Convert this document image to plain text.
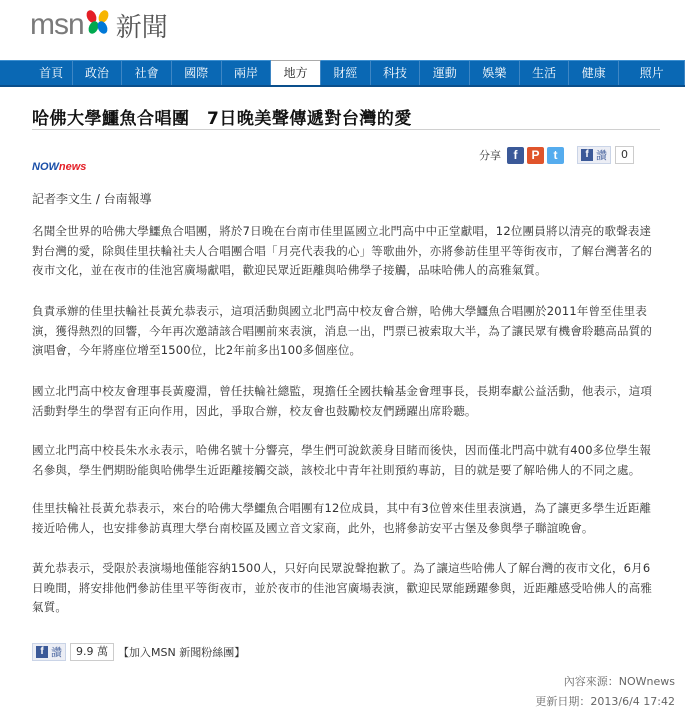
msn 新聞
首頁	政治	社會	國際	兩岸	地方	財經	科技	運動	娛樂	生活	健康	照片
哈佛大學鱷魚合唱團　7日晚美聲傳遞對台灣的愛
NOWnews
分享	f	P	t	f 讚	0
記者李文生 / 台南報導

名聞全世界的哈佛大學鱷魚合唱團，將於7日晚在台南市佳里區國立北門高中中正堂獻唱，12位團員將以清亮的歌聲表達對台灣的愛，除與佳里扶輪社夫人合唱團合唱「月亮代表我的心」等歌曲外，亦將參訪佳里平等街夜市，了解台灣著名的夜市文化，並在夜市的佳池宮廣場獻唱，歡迎民眾近距離與哈佛學子接觸，品味哈佛人的高雅氣質。

負責承辦的佳里扶輪社長黃允恭表示，這項活動與國立北門高中校友會合辦，哈佛大學鱷魚合唱團於2011年曾至佳里表演，獲得熱烈的回響，今年再次邀請該合唱團前來表演，消息一出，門票已被索取大半，為了讓民眾有機會聆聽高品質的演唱會，今年將座位增至1500位，比2年前多出100多個座位。

國立北門高中校友會理事長黃慶淵，曾任扶輪社總監，現擔任全國扶輪基金會理事長，長期奉獻公益活動，他表示，這項活動對學生的學習有正向作用，因此，爭取合辦，校友會也鼓勵校友們踴躍出席聆聽。

國立北門高中校長朱水永表示，哈佛名號十分響亮，學生們可說欽羨身目睹而後快，因而僅北門高中就有400多位學生報名參與，學生們期盼能與哈佛學生近距離接觸交談，該校北中青年社則預約專訪，目的就是要了解哈佛人的不同之處。

佳里扶輪社長黃允恭表示，來台的哈佛大學鱷魚合唱團有12位成員，其中有3位曾來佳里表演過，為了讓更多學生近距離接近哈佛人，也安排參訪真理大學台南校區及國立音文家商，此外，也將參訪安平古堡及參與學子聯誼晚會。

黃允恭表示，受限於表演場地僅能容納1500人，只好向民眾說聲抱歉了。為了讓這些哈佛人了解台灣的夜市文化，6月6日晚間，將安排他們參訪佳里平等街夜市，並於夜市的佳池宮廣場表演，歡迎民眾能踴躍參與，近距離感受哈佛人的高雅氣質。

f 讚	9.9 萬 【加入MSN 新聞粉絲團】
內容來源：NOWnews
更新日期：2013/6/4 17:42
